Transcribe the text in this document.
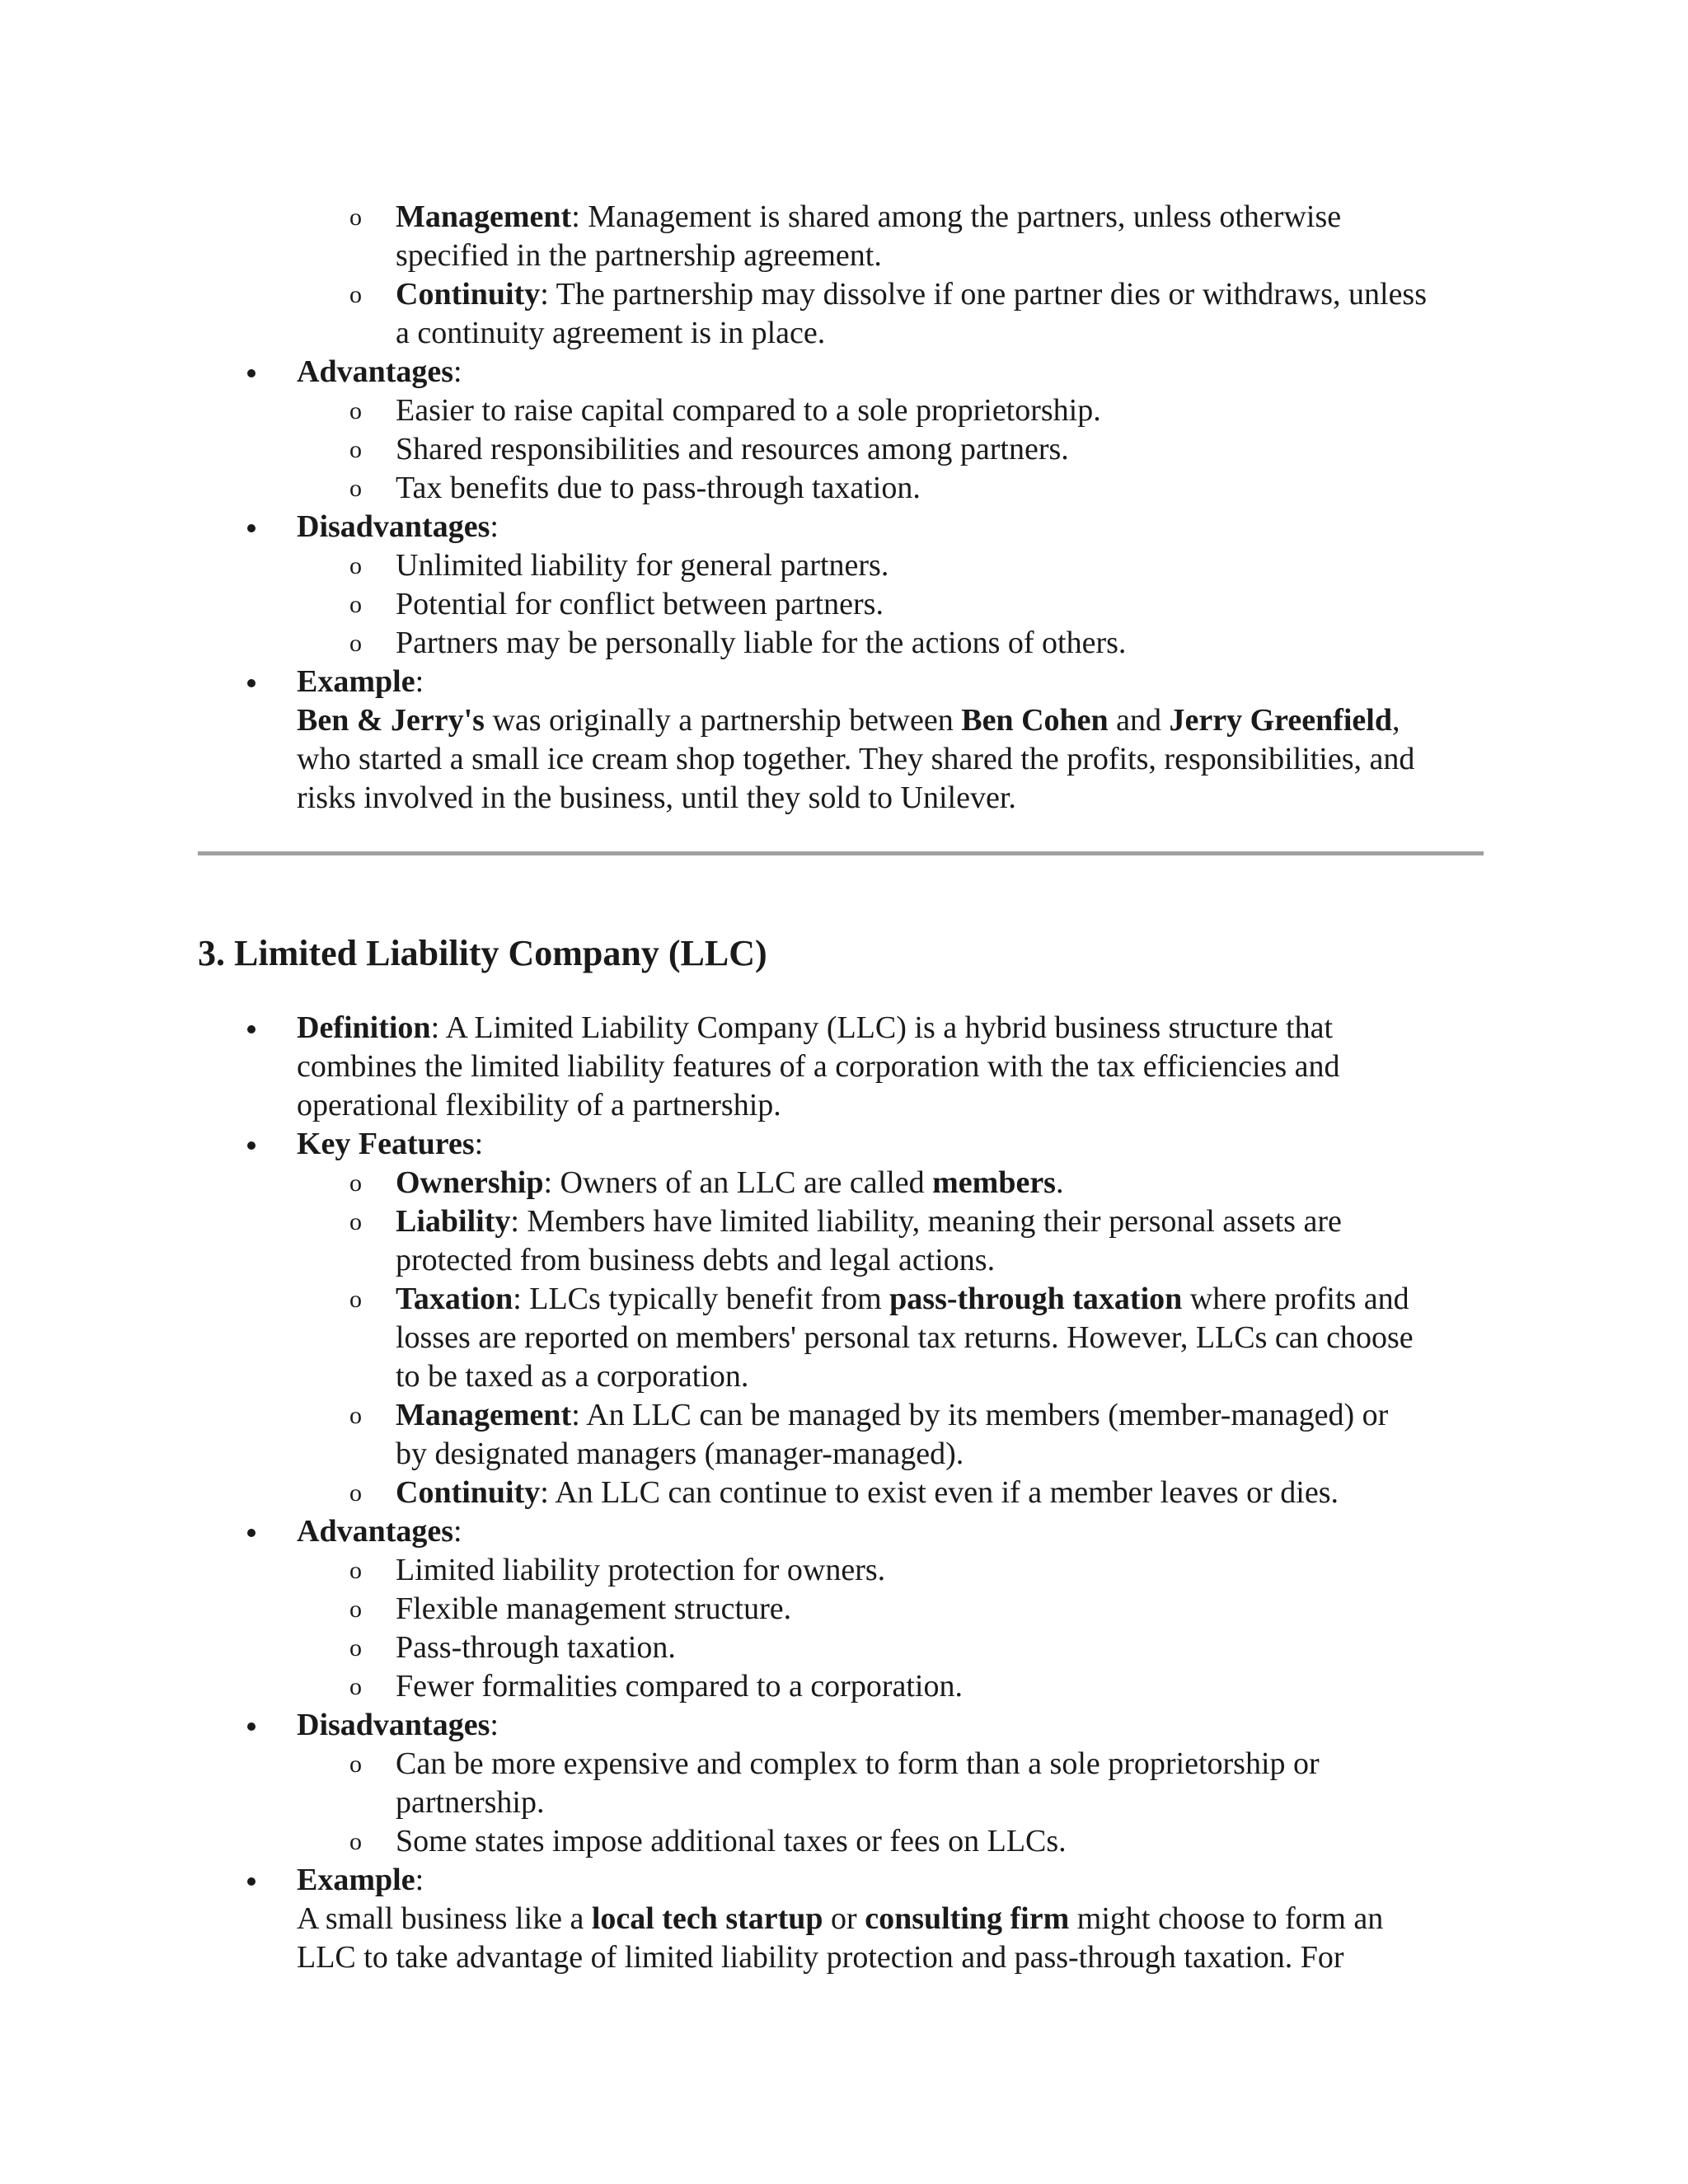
o Management: Management is shared among the partners, unless otherwise
specified in the partnership agreement.
o Continuity: The partnership may dissolve if one partner dies or withdraws, unless
a continuity agreement is in place.
Advantages:
o Easier to raise capital compared to a sole proprietorship.
o Shared responsibilities and resources among partners.
o Tax benefits due to pass-through taxation.
Disadvantages:
o Unlimited liability for general partners.
o Potential for conflict between partners.
o Partners may be personally liable for the actions of others.
Example:
Ben & Jerry's was originally a partnership between Ben Cohen and Jerry Greenfield,
who started a small ice cream shop together. They shared the profits, responsibilities, and
risks involved in the business, until they sold to Unilever.
3. Limited Liability Company (LLC)
Definition: A Limited Liability Company (LLC) is a hybrid business structure that
combines the limited liability features of a corporation with the tax efficiencies and
operational flexibility of a partnership.
Key Features:
o Ownership: Owners of an LLC are called members.
o Liability: Members have limited liability, meaning their personal assets are
protected from business debts and legal actions.
o Taxation: LLCs typically benefit from pass-through taxation where profits and
losses are reported on members' personal tax returns. However, LLCs can choose
to be taxed as a corporation.
o Management: An LLC can be managed by its members (member-managed) or
by designated managers (manager-managed).
o Continuity: An LLC can continue to exist even if a member leaves or dies.
Advantages:
o Limited liability protection for owners.
o Flexible management structure.
o Pass-through taxation.
o Fewer formalities compared to a corporation.
Disadvantages:
o Can be more expensive and complex to form than a sole proprietorship or
partnership.
o Some states impose additional taxes or fees on LLCs.
Example:
A small business like a local tech startup or consulting firm might choose to form an
LLC to take advantage of limited liability protection and pass-through taxation. For
